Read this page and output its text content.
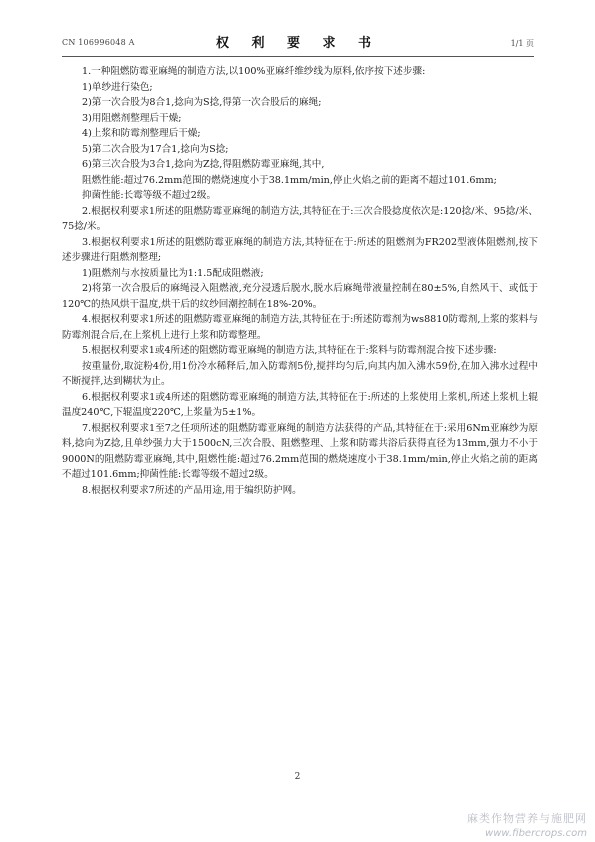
CN 106996048 A	权 利 要 求 书	1/1 页

1.一种阻燃防霉亚麻绳的制造方法,以100%亚麻纤维纱线为原料,依序按下述步骤:

1)单纱进行染色;

2)第一次合股为8合1,捻向为S捻,得第一次合股后的麻绳;

3)用阻燃剂整理后干燥;

4)上浆和防霉剂整理后干燥;

5)第二次合股为17合1,捻向为S捻;

6)第三次合股为3合1,捻向为Z捻,得阻燃防霉亚麻绳,其中,

阻燃性能:超过76.2mm范围的燃烧速度小于38.1mm/min,停止火焰之前的距离不超过101.6mm;

抑菌性能:长霉等级不超过2级。

2.根据权利要求1所述的阻燃防霉亚麻绳的制造方法,其特征在于:三次合股捻度依次是:120捻/米、95捻/米、75捻/米。

3.根据权利要求1所述的阻燃防霉亚麻绳的制造方法,其特征在于:所述的阻燃剂为FR202型液体阻燃剂,按下述步骤进行阻燃剂整理;

1)阻燃剂与水按质量比为1:1.5配成阻燃液;

2)将第一次合股后的麻绳浸入阻燃液,充分浸透后脱水,脱水后麻绳带液量控制在80±5%,自然风干、或低于120℃的热风烘干温度,烘干后的纹纱回潮控制在18%-20%。

4.根据权利要求1所述的阻燃防霉亚麻绳的制造方法,其特征在于:所述防霉剂为ws8810防霉剂,上浆的浆料与防霉剂混合后,在上浆机上进行上浆和防霉整理。

5.根据权利要求1或4所述的阻燃防霉亚麻绳的制造方法,其特征在于:浆料与防霉剂混合按下述步骤:

按重量份,取淀粉4份,用1份冷水稀释后,加入防霉剂5份,搅拌均匀后,向其内加入沸水59份,在加入沸水过程中不断搅拌,达到糊状为止。

6.根据权利要求1或4所述的阻燃防霉亚麻绳的制造方法,其特征在于:所述的上浆使用上浆机,所述上浆机上辊温度240℃,下辊温度220℃,上浆量为5±1%。

7.根据权利要求1至7之任项所述的阻燃防霉亚麻绳的制造方法获得的产品,其特征在于:采用6Nm亚麻纱为原料,捻向为Z捻,且单纱强力大于1500cN,三次合股、阻燃整理、上浆和防霉共浴后获得直径为13mm,强力不小于9000N的阻燃防霉亚麻绳,其中,阻燃性能:超过76.2mm范围的燃烧速度小于38.1mm/min,停止火焰之前的距离不超过101.6mm;抑菌性能:长霉等级不超过2级。

8.根据权利要求7所述的产品用途,用于编织防护网。

2
麻类作物营养与施肥网
www.fibercrops.com
